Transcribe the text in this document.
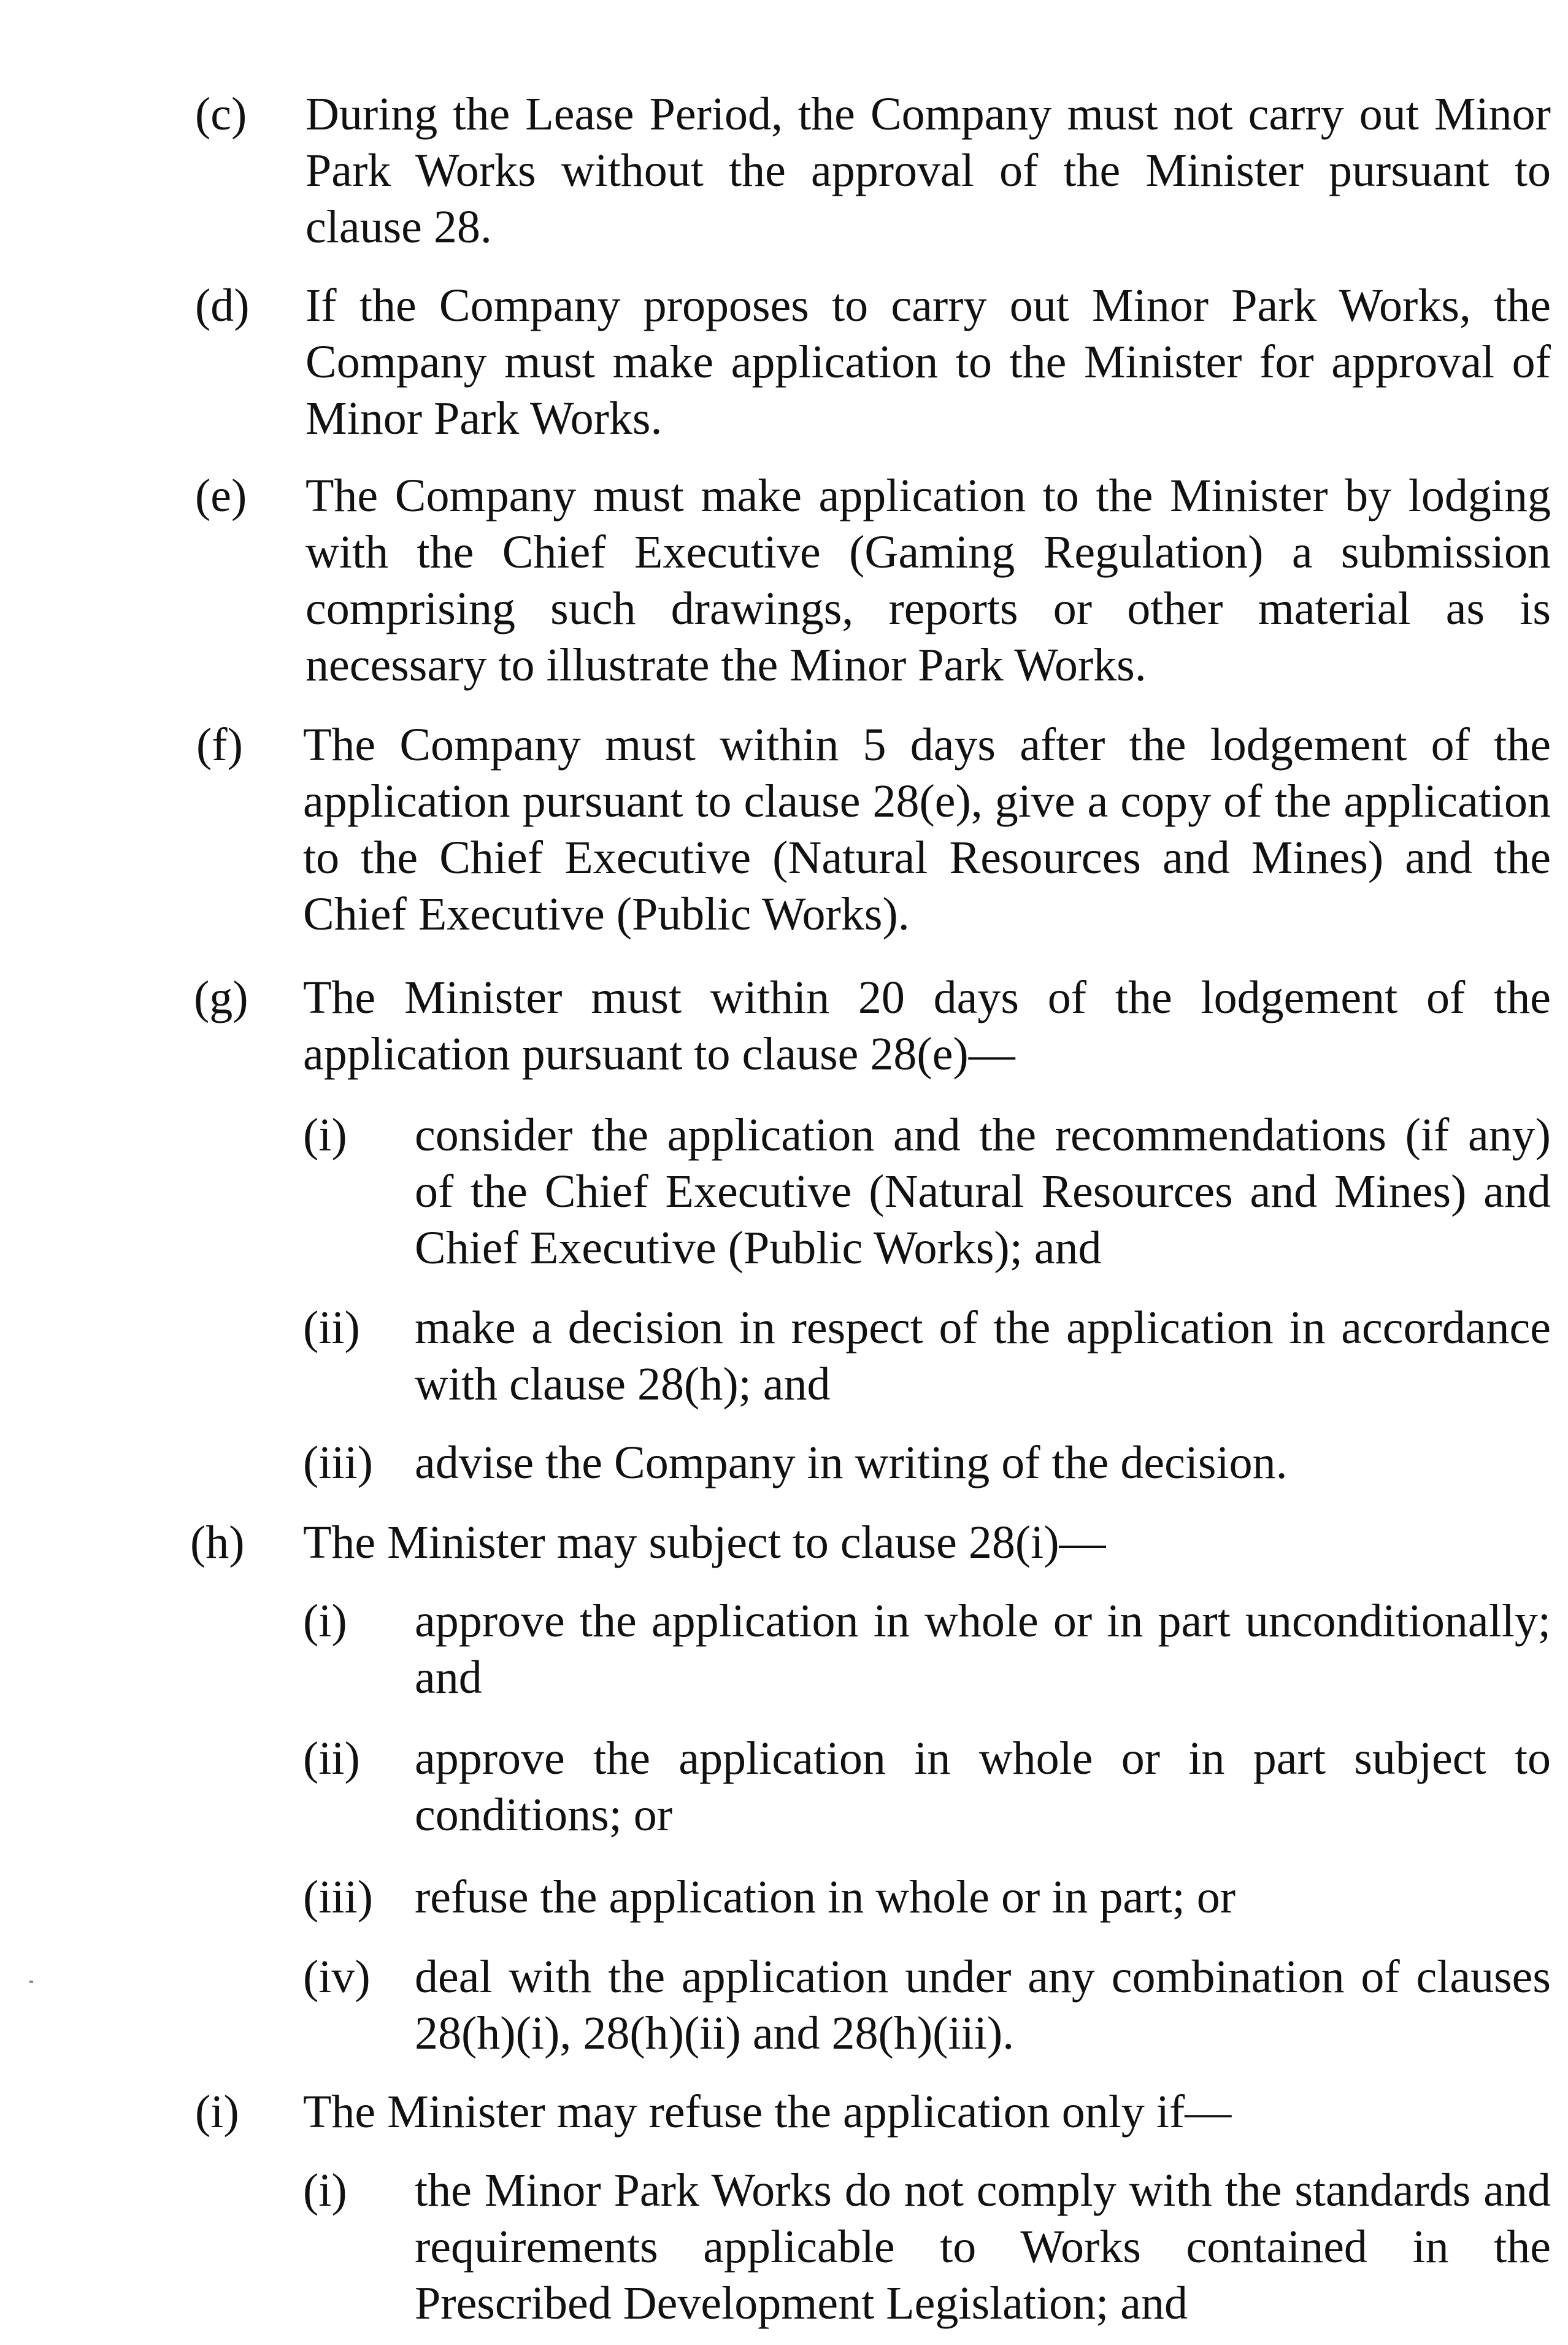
(c) During the Lease Period, the Company must not carry out Minor Park Works without the approval of the Minister pursuant to clause 28.
(d) If the Company proposes to carry out Minor Park Works, the Company must make application to the Minister for approval of Minor Park Works.
(e) The Company must make application to the Minister by lodging with the Chief Executive (Gaming Regulation) a submission comprising such drawings, reports or other material as is necessary to illustrate the Minor Park Works.
(f) The Company must within 5 days after the lodgement of the application pursuant to clause 28(e), give a copy of the application to the Chief Executive (Natural Resources and Mines) and the Chief Executive (Public Works).
(g) The Minister must within 20 days of the lodgement of the application pursuant to clause 28(e)—
(i) consider the application and the recommendations (if any) of the Chief Executive (Natural Resources and Mines) and Chief Executive (Public Works); and
(ii) make a decision in respect of the application in accordance with clause 28(h); and
(iii) advise the Company in writing of the decision.
(h) The Minister may subject to clause 28(i)—
(i) approve the application in whole or in part unconditionally; and
(ii) approve the application in whole or in part subject to conditions; or
(iii) refuse the application in whole or in part; or
(iv) deal with the application under any combination of clauses 28(h)(i), 28(h)(ii) and 28(h)(iii).
(i) The Minister may refuse the application only if—
(i) the Minor Park Works do not comply with the standards and requirements applicable to Works contained in the Prescribed Development Legislation; and
